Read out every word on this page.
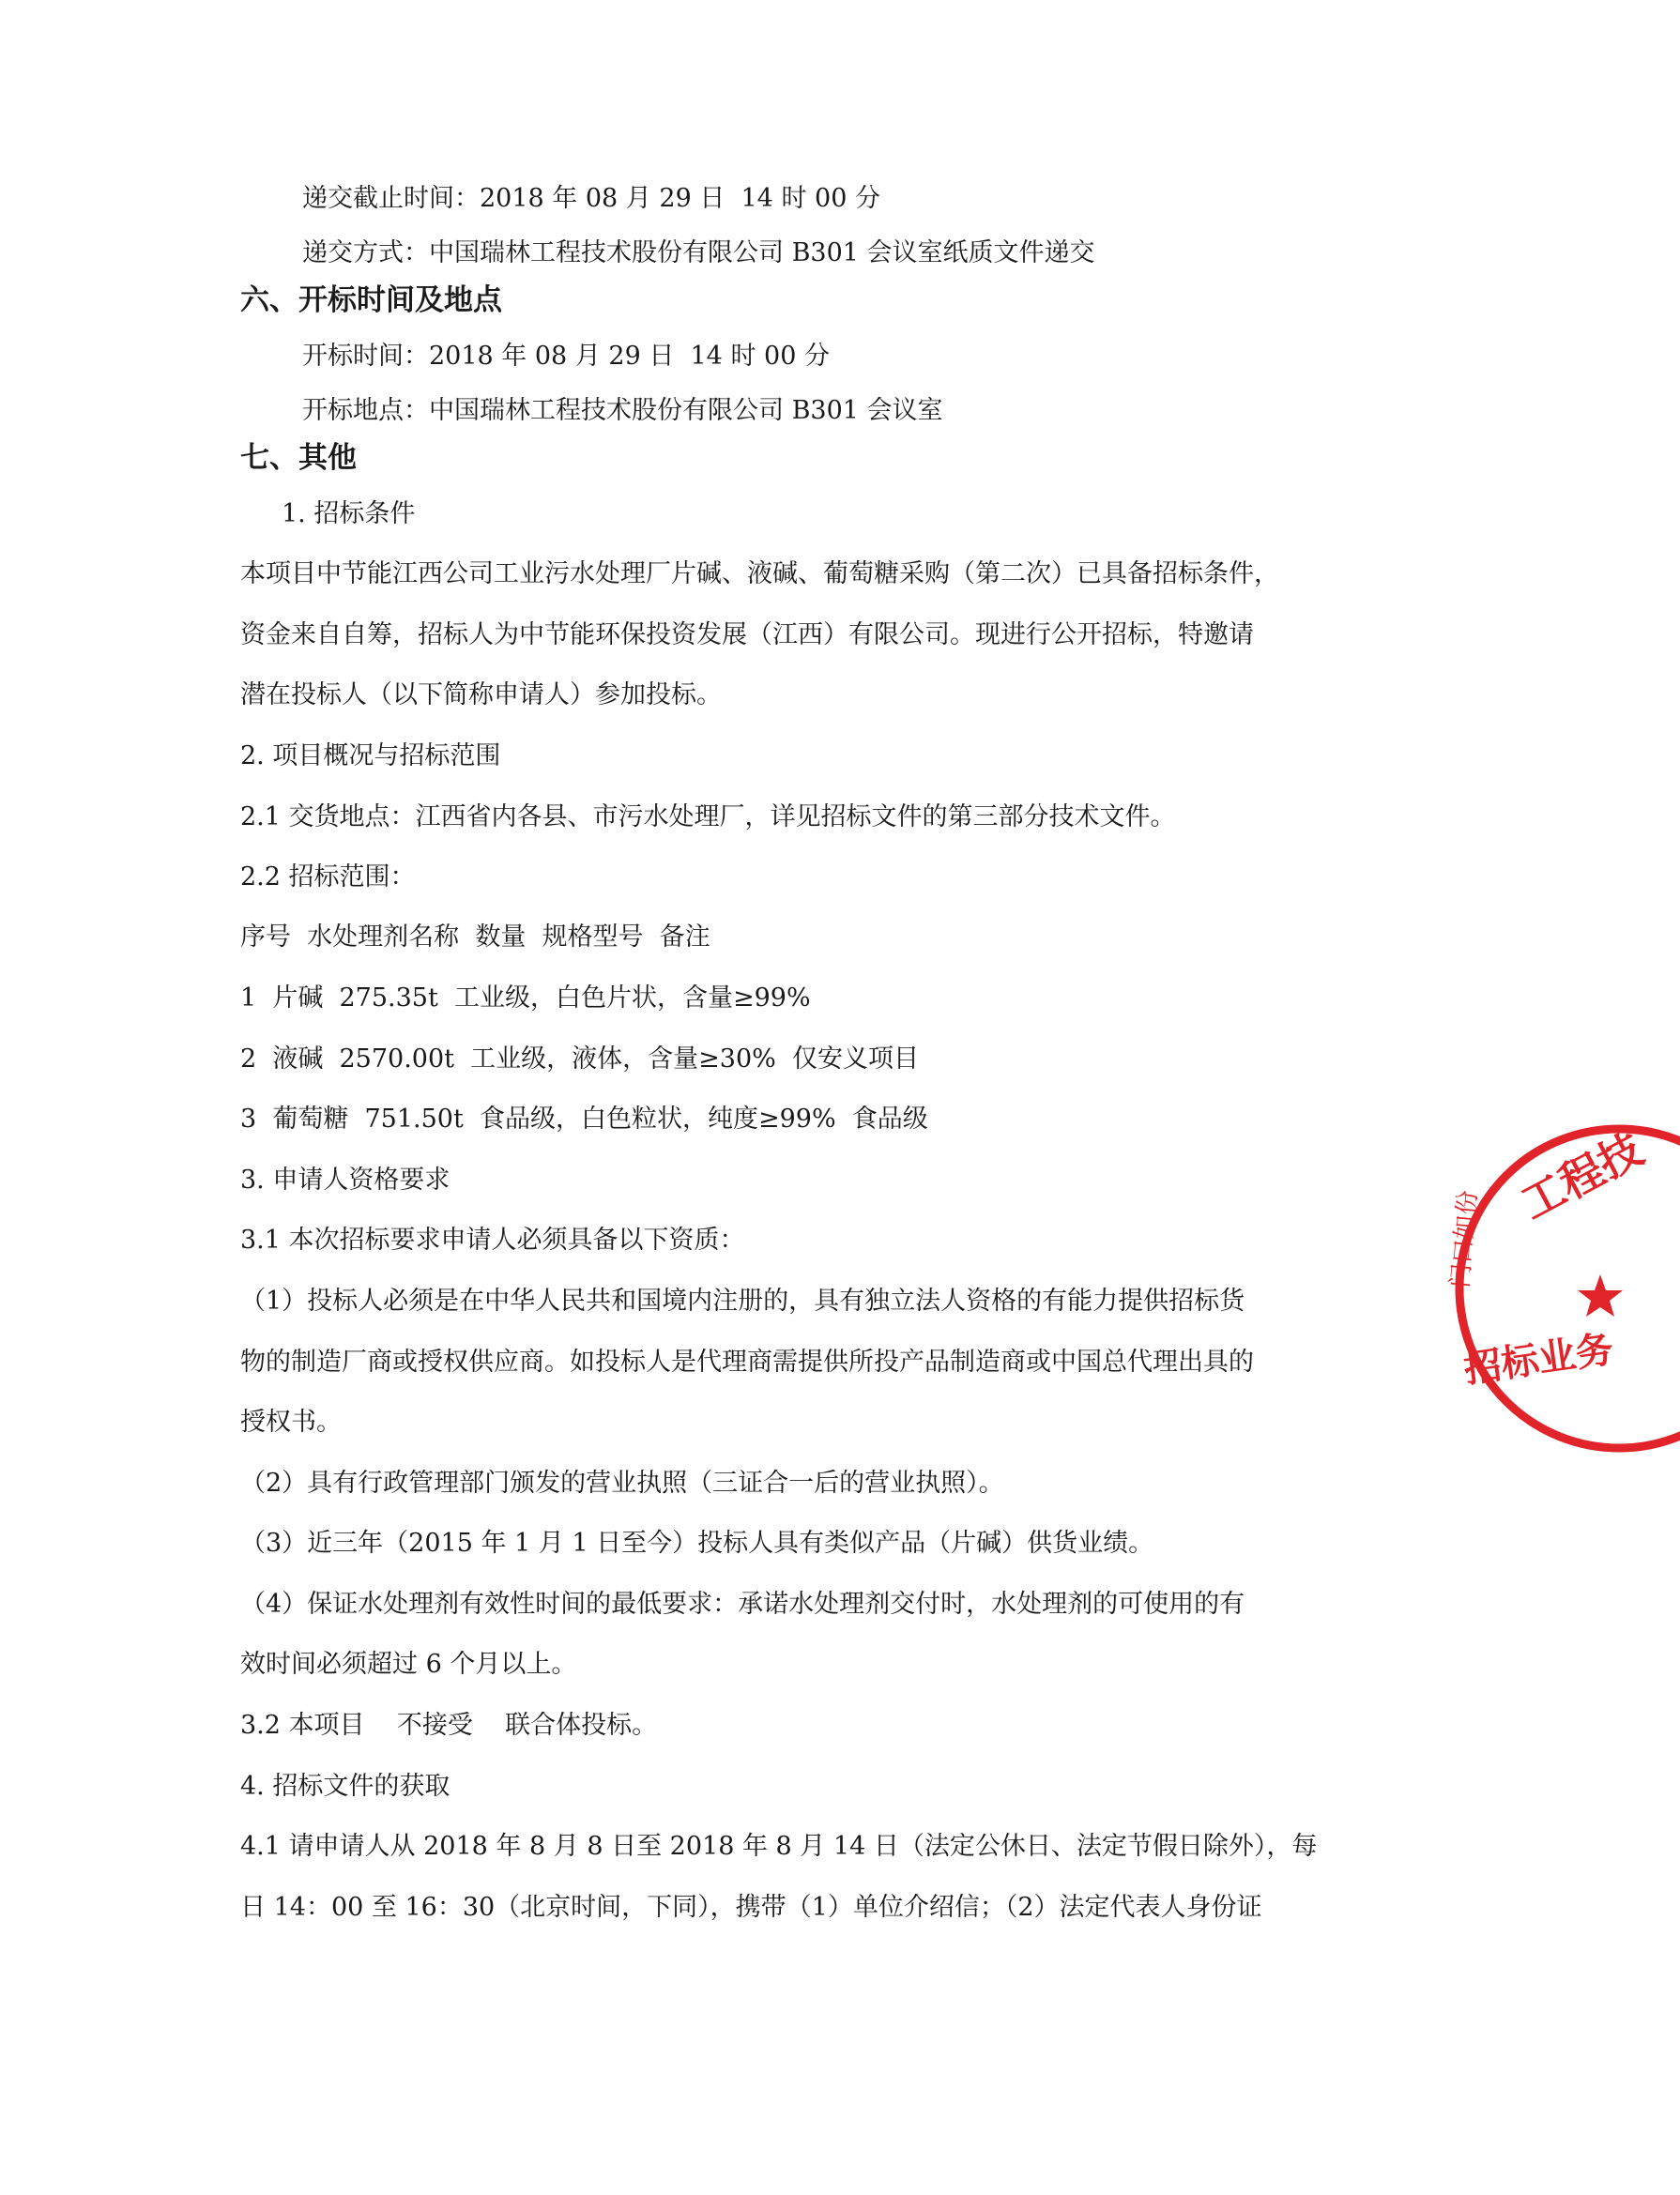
递交截止时间：2018 年 08 月 29 日  14 时 00 分
递交方式：中国瑞林工程技术股份有限公司 B301 会议室纸质文件递交
六、开标时间及地点
开标时间：2018 年 08 月 29 日  14 时 00 分
开标地点：中国瑞林工程技术股份有限公司 B301 会议室
七、其他
1. 招标条件
本项目中节能江西公司工业污水处理厂片碱、液碱、葡萄糖采购（第二次）已具备招标条件，
资金来自自筹，招标人为中节能环保投资发展（江西）有限公司。现进行公开招标，特邀请
潜在投标人（以下简称申请人）参加投标。
2. 项目概况与招标范围
2.1 交货地点：江西省内各县、市污水处理厂，详见招标文件的第三部分技术文件。
2.2 招标范围：
序号  水处理剂名称  数量  规格型号  备注
1  片碱  275.35t  工业级，白色片状，含量≥99%
2  液碱  2570.00t  工业级，液体，含量≥30%  仅安义项目
3  葡萄糖  751.50t  食品级，白色粒状，纯度≥99%  食品级
3. 申请人资格要求
3.1 本次招标要求申请人必须具备以下资质：
（1）投标人必须是在中华人民共和国境内注册的，具有独立法人资格的有能力提供招标货
物的制造厂商或授权供应商。如投标人是代理商需提供所投产品制造商或中国总代理出具的
授权书。
（2）具有行政管理部门颁发的营业执照（三证合一后的营业执照）。
（3）近三年（2015 年 1 月 1 日至今）投标人具有类似产品（片碱）供货业绩。
（4）保证水处理剂有效性时间的最低要求：承诺水处理剂交付时，水处理剂的可使用的有
效时间必须超过 6 个月以上。
3.2 本项目    不接受    联合体投标。
4. 招标文件的获取
4.1 请申请人从 2018 年 8 月 8 日至 2018 年 8 月 14 日（法定公休日、法定节假日除外），每
日 14：00 至 16：30（北京时间，下同），携带（1）单位介绍信；（2）法定代表人身份证
工程技
门口如份
招标业务
